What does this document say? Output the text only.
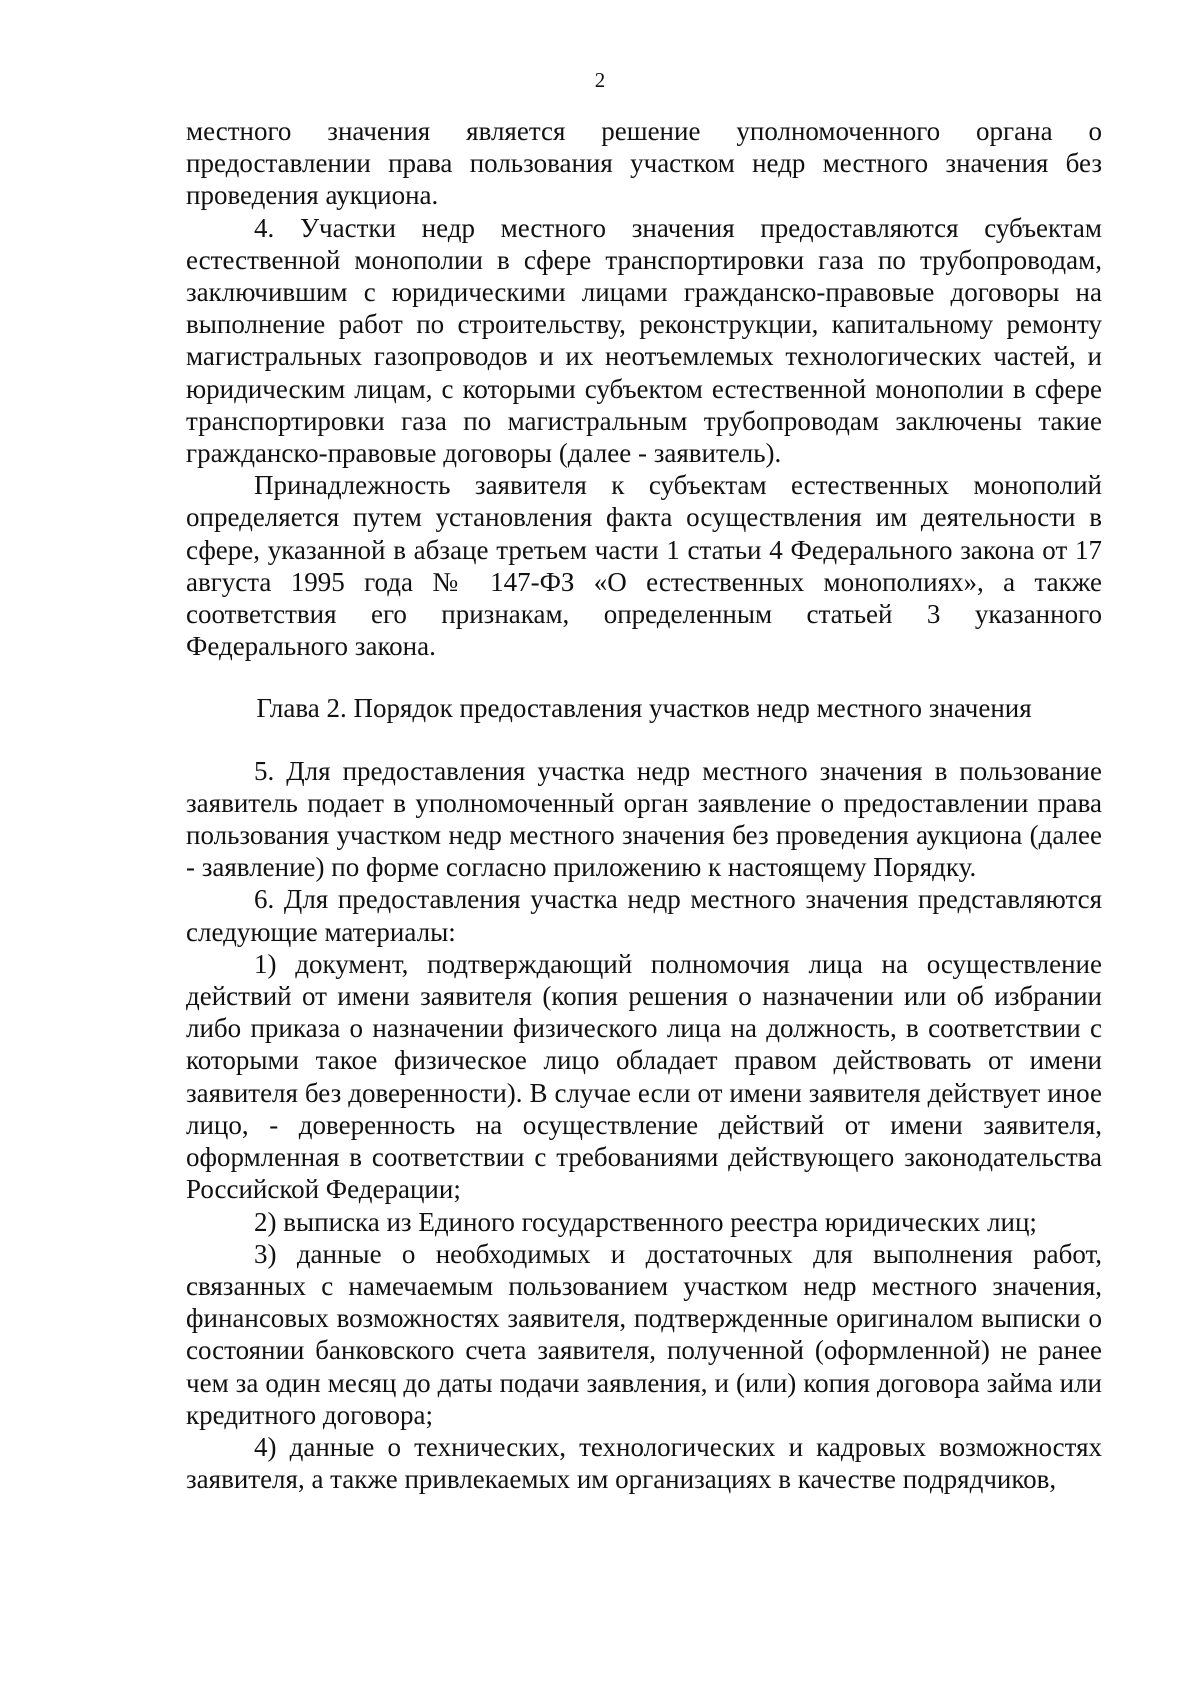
2

местного значения является решение уполномоченного органа о предоставлении права пользования участком недр местного значения без проведения аукциона.

4. Участки недр местного значения предоставляются субъектам естественной монополии в сфере транспортировки газа по трубопроводам, заключившим с юридическими лицами гражданско-правовые договоры на выполнение работ по строительству, реконструкции, капитальному ремонту магистральных газопроводов и их неотъемлемых технологических частей, и юридическим лицам, с которыми субъектом естественной монополии в сфере транспортировки газа по магистральным трубопроводам заключены такие гражданско-правовые договоры (далее - заявитель).

Принадлежность заявителя к субъектам естественных монополий определяется путем установления факта осуществления им деятельности в сфере, указанной в абзаце третьем части 1 статьи 4 Федерального закона от 17 августа 1995 года № 147-ФЗ «О естественных монополиях», а также соответствия его признакам, определенным статьей 3 указанного Федерального закона.

Глава 2. Порядок предоставления участков недр местного значения

5. Для предоставления участка недр местного значения в пользование заявитель подает в уполномоченный орган заявление о предоставлении права пользования участком недр местного значения без проведения аукциона (далее - заявление) по форме согласно приложению к настоящему Порядку.

6. Для предоставления участка недр местного значения представляются следующие материалы:

1) документ, подтверждающий полномочия лица на осуществление действий от имени заявителя (копия решения о назначении или об избрании либо приказа о назначении физического лица на должность, в соответствии с которыми такое физическое лицо обладает правом действовать от имени заявителя без доверенности). В случае если от имени заявителя действует иное лицо, - доверенность на осуществление действий от имени заявителя, оформленная в соответствии с требованиями действующего законодательства Российской Федерации;

2) выписка из Единого государственного реестра юридических лиц;

3) данные о необходимых и достаточных для выполнения работ, связанных с намечаемым пользованием участком недр местного значения, финансовых возможностях заявителя, подтвержденные оригиналом выписки о состоянии банковского счета заявителя, полученной (оформленной) не ранее чем за один месяц до даты подачи заявления, и (или) копия договора займа или кредитного договора;

4) данные о технических, технологических и кадровых возможностях заявителя, а также привлекаемых им организациях в качестве подрядчиков,
